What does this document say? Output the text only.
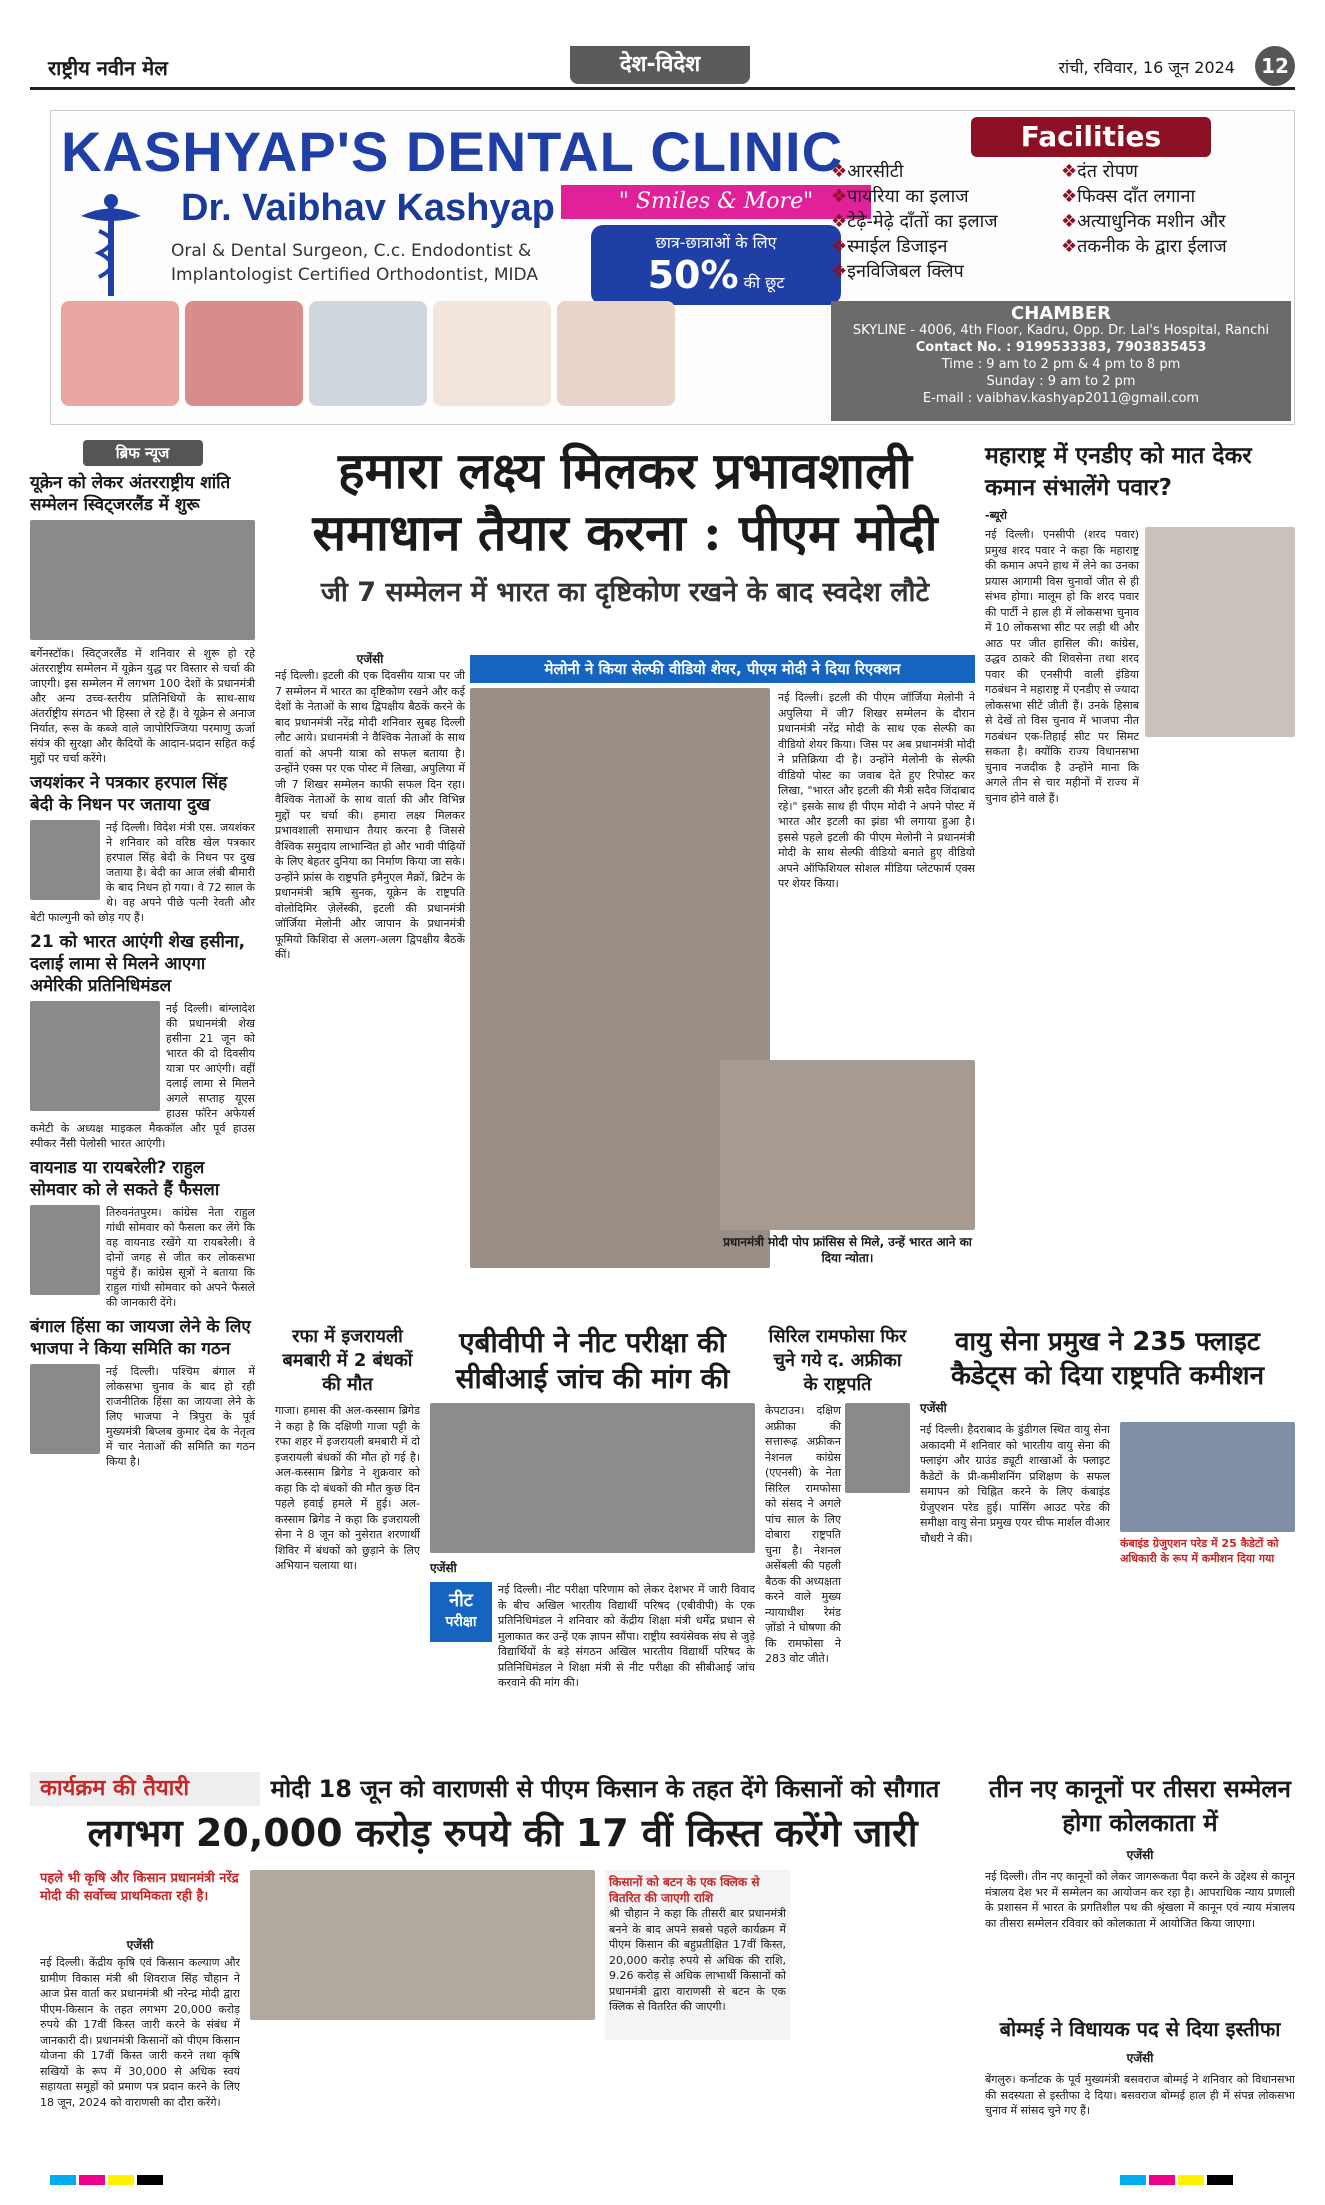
राष्ट्रीय नवीन मेल	देश-विदेश	रांची, रविवार, 16 जून 2024	12
KASHYAP'S DENTAL CLINIC
Dr. Vaibhav Kashyap
Oral & Dental Surgeon, C.c. Endodontist &
Implantologist Certified Orthodontist, MIDA
" Smiles & More"
छात्र-छात्राओं के लिए
50% की छूट
Facilities
❖ आरसीटी
❖ पायरिया का इलाज
❖ टेढ़े-मेढ़े दाँतों का इलाज
❖ स्माईल डिजाइन
❖ इनविजिबल क्लिप
❖ दंत रोपण
❖ फिक्स दाँत लगाना
❖ अत्याधुनिक मशीन और
❖ तकनीक के द्वारा ईलाज
CHAMBER
SKYLINE - 4006, 4th Floor, Kadru, Opp. Dr. Lal's Hospital, Ranchi
Contact No. : 9199533383, 7903835453
Time : 9 am to 2 pm & 4 pm to 8 pm
Sunday : 9 am to 2 pm
E-mail : vaibhav.kashyap2011@gmail.com
ब्रिफ न्यूज
यूक्रेन को लेकर अंतरराष्ट्रीय शांति सम्मेलन स्विट्जरलैंड में शुरू
बर्गेनस्टॉक। स्विट्जरलैंड में शनिवार से शुरू हो रहे अंतरराष्ट्रीय सम्मेलन में यूक्रेन युद्ध पर विस्तार से चर्चा की जाएगी। इस सम्मेलन में लगभग 100 देशों के प्रधानमंत्री और अन्य उच्च-स्तरीय प्रतिनिधियों के साथ-साथ अंतर्राष्ट्रीय संगठन भी हिस्सा ले रहे हैं। वे यूक्रेन से अनाज निर्यात, रूस के कब्जे वाले जापोरिज्जिया परमाणु ऊर्जा संयंत्र की सुरक्षा और कैदियों के आदान-प्रदान सहित कई मुद्दों पर चर्चा करेंगे।
जयशंकर ने पत्रकार हरपाल सिंह बेदी के निधन पर जताया दुख
नई दिल्ली। विदेश मंत्री एस. जयशंकर ने शनिवार को वरिष्ठ खेल पत्रकार हरपाल सिंह बेदी के निधन पर दुख जताया है। बेदी का आज लंबी बीमारी के बाद निधन हो गया। वे 72 साल के थे। वह अपने पीछे पत्नी रेवती और बेटी फाल्गुनी को छोड़ गए हैं।
21 को भारत आएंगी शेख हसीना, दलाई लामा से मिलने आएगा अमेरिकी प्रतिनिधिमंडल
नई दिल्ली। बांग्लादेश की प्रधानमंत्री शेख हसीना 21 जून को भारत की दो दिवसीय यात्रा पर आएंगी। वहीं दलाई लामा से मिलने अगले सप्ताह यूएस हाउस फॉरेन अफेयर्स कमेटी के अध्यक्ष माइकल मैककॉल और पूर्व हाउस स्पीकर नैंसी पेलोसी भारत आएंगी।
वायनाड या रायबरेली? राहुल सोमवार को ले सकते हैं फैसला
तिरुवनंतपुरम। कांग्रेस नेता राहुल गांधी सोमवार को फैसला कर लेंगे कि वह वायनाड रखेंगे या रायबरेली। वे दोनों जगह से जीत कर लोकसभा पहुंचे हैं। कांग्रेस सूत्रों ने बताया कि राहुल गांधी सोमवार को अपने फैसले की जानकारी देंगे।
बंगाल हिंसा का जायजा लेने के लिए भाजपा ने किया समिति का गठन
नई दिल्ली। पश्चिम बंगाल में लोकसभा चुनाव के बाद हो रही राजनीतिक हिंसा का जायजा लेने के लिए भाजपा ने त्रिपुरा के पूर्व मुख्यमंत्री बिप्लब कुमार देब के नेतृत्व में चार नेताओं की समिति का गठन किया है।
हमारा लक्ष्य मिलकर प्रभावशाली
समाधान तैयार करना : पीएम मोदी
जी 7 सम्मेलन में भारत का दृष्टिकोण रखने के बाद स्वदेश लौटे
एजेंसी
नई दिल्ली। इटली की एक दिवसीय यात्रा पर जी 7 सम्मेलन में भारत का दृष्टिकोण रखने और कई देशों के नेताओं के साथ द्विपक्षीय बैठकें करने के बाद प्रधानमंत्री नरेंद्र मोदी शनिवार सुबह दिल्ली लौट आये। प्रधानमंत्री ने वैश्विक नेताओं के साथ वार्ता को अपनी यात्रा को सफल बताया है। उन्होंने एक्स पर एक पोस्ट में लिखा, अपुलिया में जी 7 शिखर सम्मेलन काफी सफल दिन रहा। वैश्विक नेताओं के साथ वार्ता की और विभिन्न मुद्दों पर चर्चा की। हमारा लक्ष्य मिलकर प्रभावशाली समाधान तैयार करना है जिससे वैश्विक समुदाय लाभान्वित हो और भावी पीढ़ियों के लिए बेहतर दुनिया का निर्माण किया जा सके। उन्होंने फ्रांस के राष्ट्रपति इमैनुएल मैक्रों, ब्रिटेन के प्रधानमंत्री ऋषि सुनक, यूक्रेन के राष्ट्रपति वोलोदिमिर ज़ेलेंस्की, इटली की प्रधानमंत्री जॉर्जिया मेलोनी और जापान के प्रधानमंत्री फूमियो किशिदा से अलग-अलग द्विपक्षीय बैठकें कीं।
मेलोनी ने किया सेल्फी वीडियो शेयर, पीएम मोदी ने दिया रिएक्शन
नई दिल्ली। इटली की पीएम जॉर्जिया मेलोनी ने अपुलिया में जी7 शिखर सम्मेलन के दौरान प्रधानमंत्री नरेंद्र मोदी के साथ एक सेल्फी का वीडियो शेयर किया। जिस पर अब प्रधानमंत्री मोदी ने प्रतिक्रिया दी है। उन्होंने मेलोनी के सेल्फी वीडियो पोस्ट का जवाब देते हुए रिपोस्ट कर लिखा, "भारत और इटली की मैत्री सदैव जिंदाबाद रहे।" इसके साथ ही पीएम मोदी ने अपने पोस्ट में भारत और इटली का झंडा भी लगाया हुआ है। इससे पहले इटली की पीएम मेलोनी ने प्रधानमंत्री मोदी के साथ सेल्फी वीडियो बनाते हुए वीडियो अपने ऑफिशियल सोशल मीडिया प्लेटफार्म एक्स पर शेयर किया।
प्रधानमंत्री मोदी पोप फ्रांसिस से मिले, उन्हें भारत आने का दिया न्योता।
महाराष्ट्र में एनडीए को मात देकर कमान संभालेंगे पवार?
-ब्यूरो
नई दिल्ली। एनसीपी (शरद पवार) प्रमुख शरद पवार ने कहा कि महाराष्ट्र की कमान अपने हाथ में लेने का उनका प्रयास आगामी विस चुनावों जीत से ही संभव होगा। मालूम हो कि शरद पवार की पार्टी ने हाल ही में लोकसभा चुनाव में 10 लोकसभा सीट पर लड़ी थी और आठ पर जीत हासिल की। कांग्रेस, उद्धव ठाकरे की शिवसेना तथा शरद पवार की एनसीपी वाली इंडिया गठबंधन ने महाराष्ट्र में एनडीए से ज्यादा लोकसभा सीटें जीती हैं। उनके हिसाब से देखें तो विस चुनाव में भाजपा नीत गठबंधन एक-तिहाई सीट पर सिमट सकता है। क्योंकि राज्य विधानसभा चुनाव नजदीक है उन्होंने माना कि अगले तीन से चार महीनों में राज्य में चुनाव होने वाले हैं।
रफा में इजरायली बमबारी में 2 बंधकों की मौत
गाजा। हमास की अल-कस्साम ब्रिगेड ने कहा है कि दक्षिणी गाजा पट्टी के रफा शहर में इजरायली बमबारी में दो इजरायली बंधकों की मौत हो गई है। अल-कस्साम ब्रिगेड ने शुक्रवार को कहा कि दो बंधकों की मौत कुछ दिन पहले हवाई हमले में हुई। अल-कस्साम ब्रिगेड ने कहा कि इजरायली सेना ने 8 जून को नुसेरात शरणार्थी शिविर में बंधकों को छुड़ाने के लिए अभियान चलाया था।
एबीवीपी ने नीट परीक्षा की सीबीआई जांच की मांग की
एजेंसी
नीट
परीक्षा
नई दिल्ली। नीट परीक्षा परिणाम को लेकर देशभर में जारी विवाद के बीच अखिल भारतीय विद्यार्थी परिषद (एबीवीपी) के एक प्रतिनिधिमंडल ने शनिवार को केंद्रीय शिक्षा मंत्री धर्मेंद्र प्रधान से मुलाकात कर उन्हें एक ज्ञापन सौंपा। राष्ट्रीय स्वयंसेवक संघ से जुड़े विद्यार्थियों के बड़े संगठन अखिल भारतीय विद्यार्थी परिषद के प्रतिनिधिमंडल ने शिक्षा मंत्री से नीट परीक्षा की सीबीआई जांच करवाने की मांग की।
सिरिल रामफोसा फिर चुने गये द. अफ्रीका के राष्ट्रपति
केपटाउन। दक्षिण अफ्रीका की सत्तारूढ़ अफ्रीकन नेशनल कांग्रेस (एएनसी) के नेता सिरिल रामफोसा को संसद ने अगले पांच साल के लिए दोबारा राष्ट्रपति चुना है। नेशनल असेंबली की पहली बैठक की अध्यक्षता करने वाले मुख्य न्यायाधीश रेमंड ज़ोंडो ने घोषणा की कि रामफोसा ने 283 वोट जीते।
वायु सेना प्रमुख ने 235 फ्लाइट कैडेट्स को दिया राष्ट्रपति कमीशन
एजेंसी
नई दिल्ली। हैदराबाद के डुंडीगल स्थित वायु सेना अकादमी में शनिवार को भारतीय वायु सेना की फ्लाइंग और ग्राउंड ड्यूटी शाखाओं के फ्लाइट कैडेटों के प्री-कमीशनिंग प्रशिक्षण के सफल समापन को चिह्नित करने के लिए कंबाइंड ग्रेजुएशन परेड हुई। पासिंग आउट परेड की समीक्षा वायु सेना प्रमुख एयर चीफ मार्शल वीआर चौधरी ने की।	कंबाइंड ग्रेजुएशन परेड में 25 कैडेटों को अधिकारी के रूप में कमीशन दिया गया
कार्यक्रम की तैयारी	मोदी 18 जून को वाराणसी से पीएम किसान के तहत देंगे किसानों को सौगात
लगभग 20,000 करोड़ रुपये की 17 वीं किस्त करेंगे जारी
पहले भी कृषि और किसान प्रधानमंत्री नरेंद्र मोदी की सर्वोच्च प्राथमिकता रही है।
एजेंसी
नई दिल्ली। केंद्रीय कृषि एवं किसान कल्याण और ग्रामीण विकास मंत्री श्री शिवराज सिंह चौहान ने आज प्रेस वार्ता कर प्रधानमंत्री श्री नरेन्द्र मोदी द्वारा पीएम-किसान के तहत लगभग 20,000 करोड़ रुपये की 17वीं किस्त जारी करने के संबंध में जानकारी दी। प्रधानमंत्री किसानों को पीएम किसान योजना की 17वीं किस्त जारी करने तथा कृषि सखियों के रूप में 30,000 से अधिक स्वयं सहायता समूहों को प्रमाण पत्र प्रदान करने के लिए 18 जून, 2024 को वाराणसी का दौरा करेंगे।
किसानों को बटन के एक क्लिक से वितरित की जाएगी राशि
श्री चौहान ने कहा कि तीसरी बार प्रधानमंत्री बनने के बाद अपने सबसे पहले कार्यक्रम में पीएम किसान की बहुप्रतीक्षित 17वीं किस्त, 20,000 करोड़ रुपये से अधिक की राशि, 9.26 करोड़ से अधिक लाभार्थी किसानों को प्रधानमंत्री द्वारा वाराणसी से बटन के एक क्लिक से वितरित की जाएगी।
तीन नए कानूनों पर तीसरा सम्मेलन होगा कोलकाता में
एजेंसी
नई दिल्ली। तीन नए कानूनों को लेकर जागरूकता पैदा करने के उद्देश्य से कानून मंत्रालय देश भर में सम्मेलन का आयोजन कर रहा है। आपराधिक न्याय प्रणाली के प्रशासन में भारत के प्रगतिशील पथ की श्रृंखला में कानून एवं न्याय मंत्रालय का तीसरा सम्मेलन रविवार को कोलकाता में आयोजित किया जाएगा।
बोम्मई ने विधायक पद से दिया इस्तीफा
एजेंसी
बेंगलुरु। कर्नाटक के पूर्व मुख्यमंत्री बसवराज बोम्मई ने शनिवार को विधानसभा की सदस्यता से इस्तीफा दे दिया। बसवराज बोम्मई हाल ही में संपन्न लोकसभा चुनाव में सांसद चुने गए हैं।
